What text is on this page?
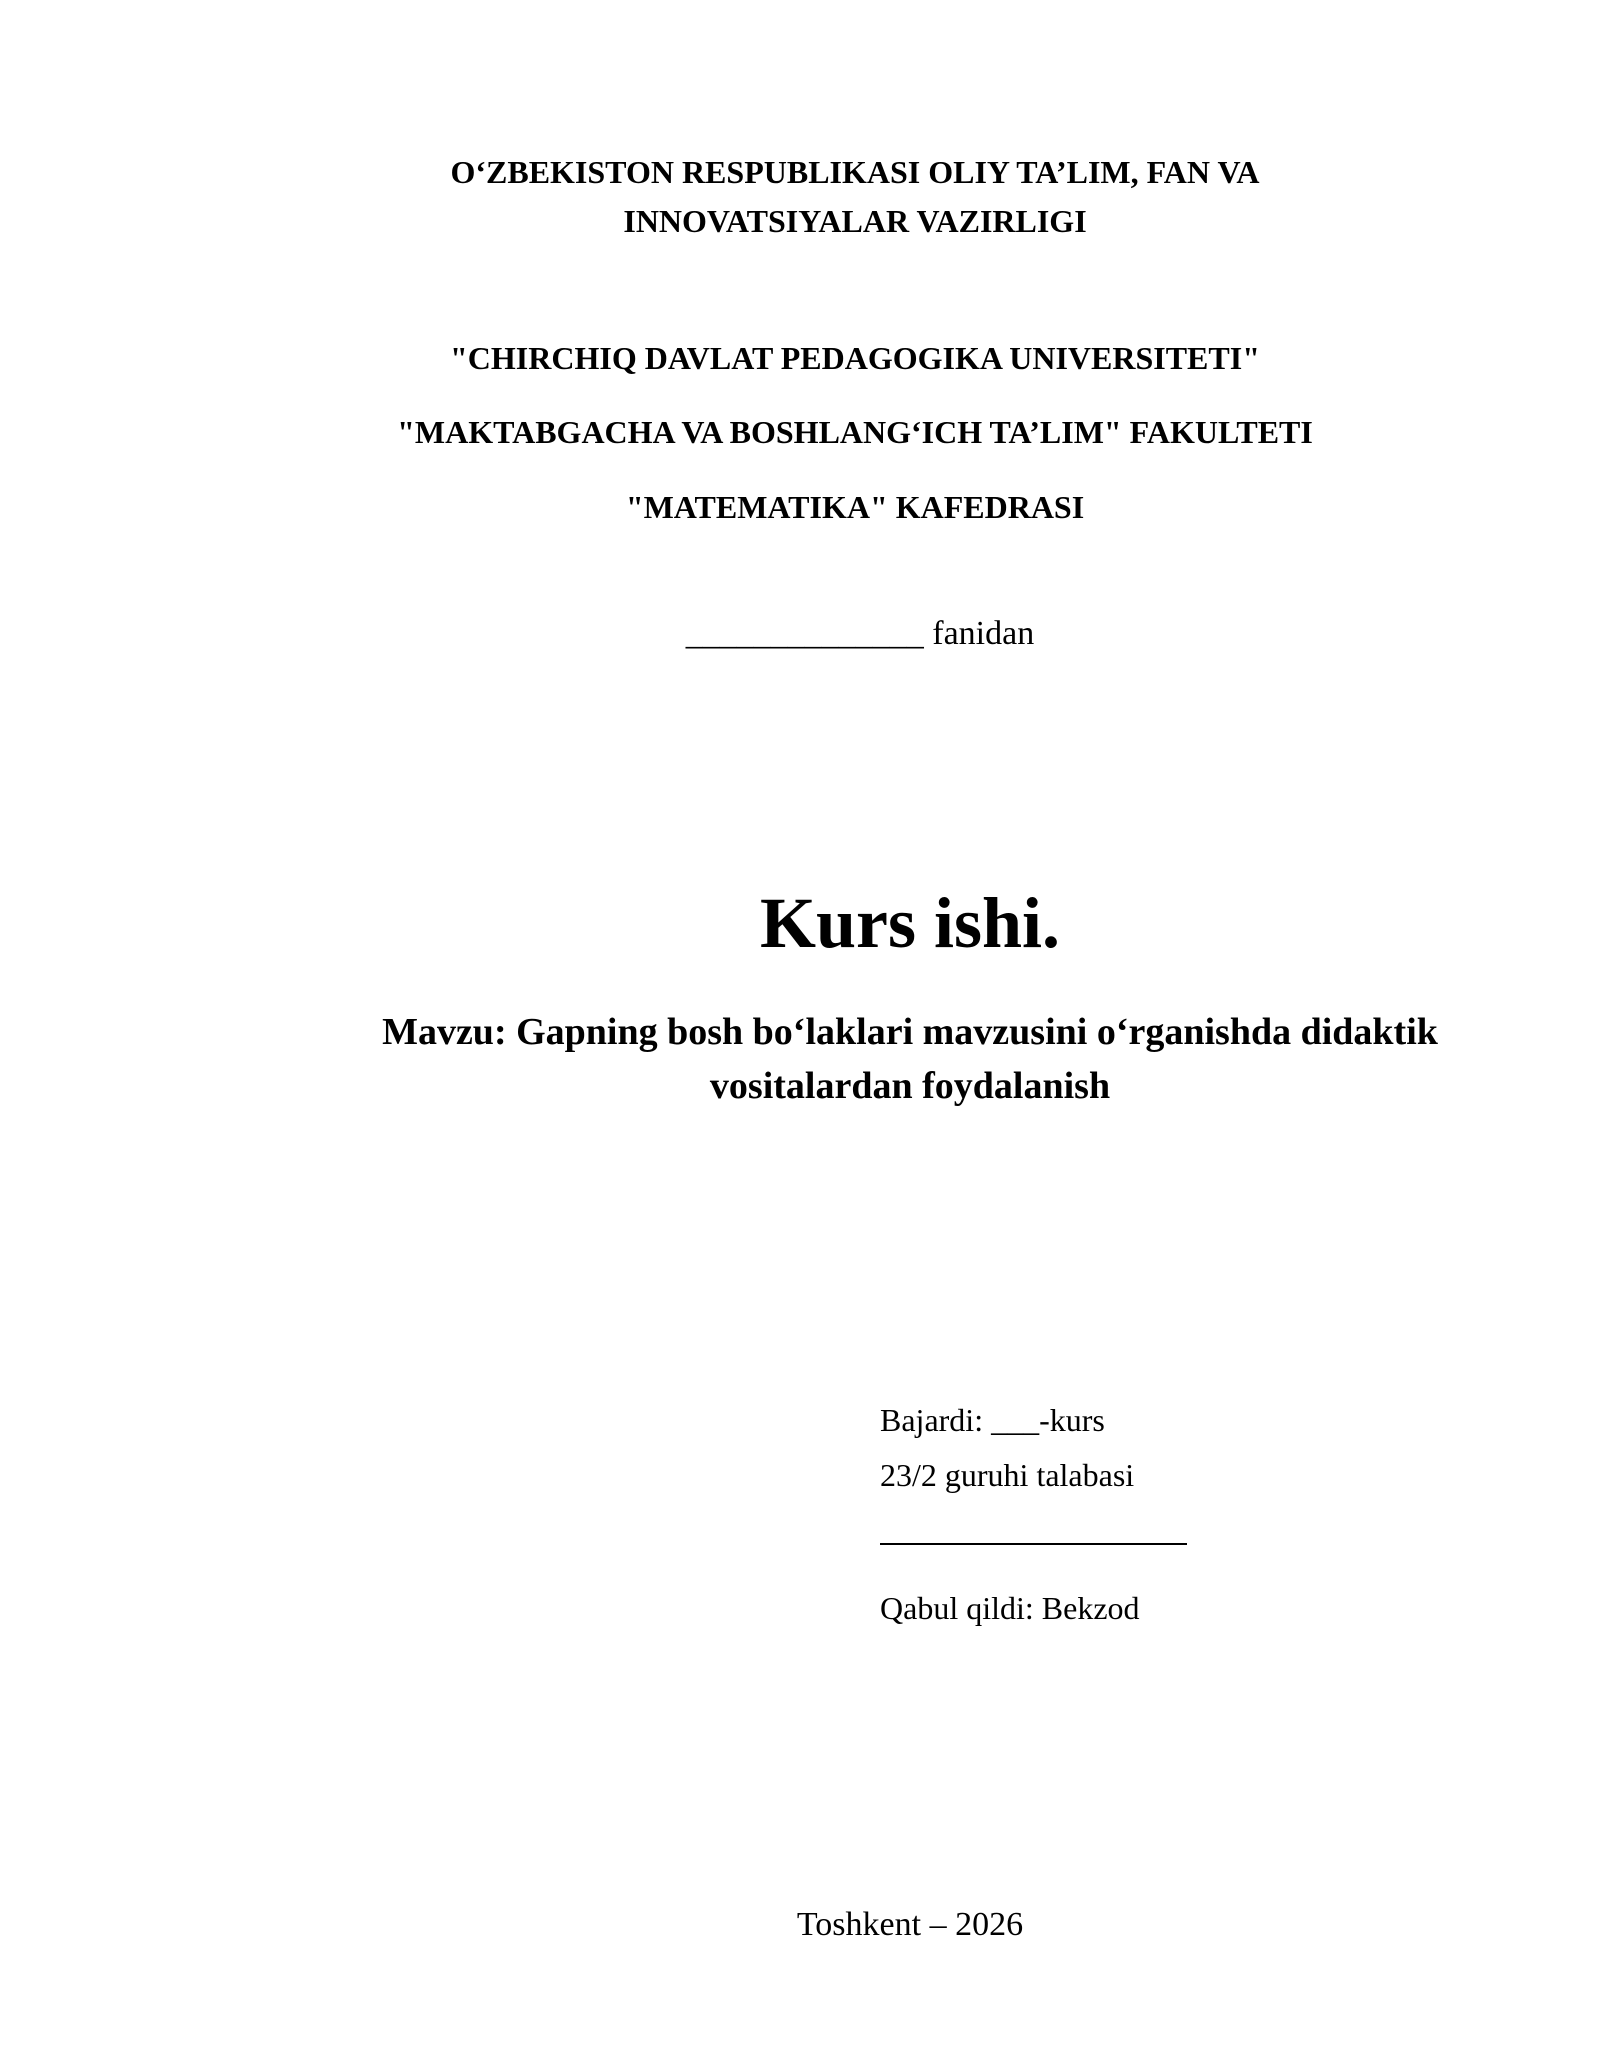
O‘ZBEKISTON RESPUBLIKASI OLIY TA’LIM, FAN VA
INNOVATSIYALAR VAZIRLIGI
"CHIRCHIQ DAVLAT PEDAGOGIKA UNIVERSITETI"
"MAKTABGACHA VA BOSHLANG‘ICH TA’LIM" FAKULTETI
"MATEMATIKA" KAFEDRASI
______________ fanidan
Kurs ishi.
Mavzu: Gapning bosh bo‘laklari mavzusini o‘rganishda didaktik
vositalardan foydalanish
Bajardi: ___-kurs
23/2 guruhi talabasi
Qabul qildi: Bekzod
Toshkent – 2026
